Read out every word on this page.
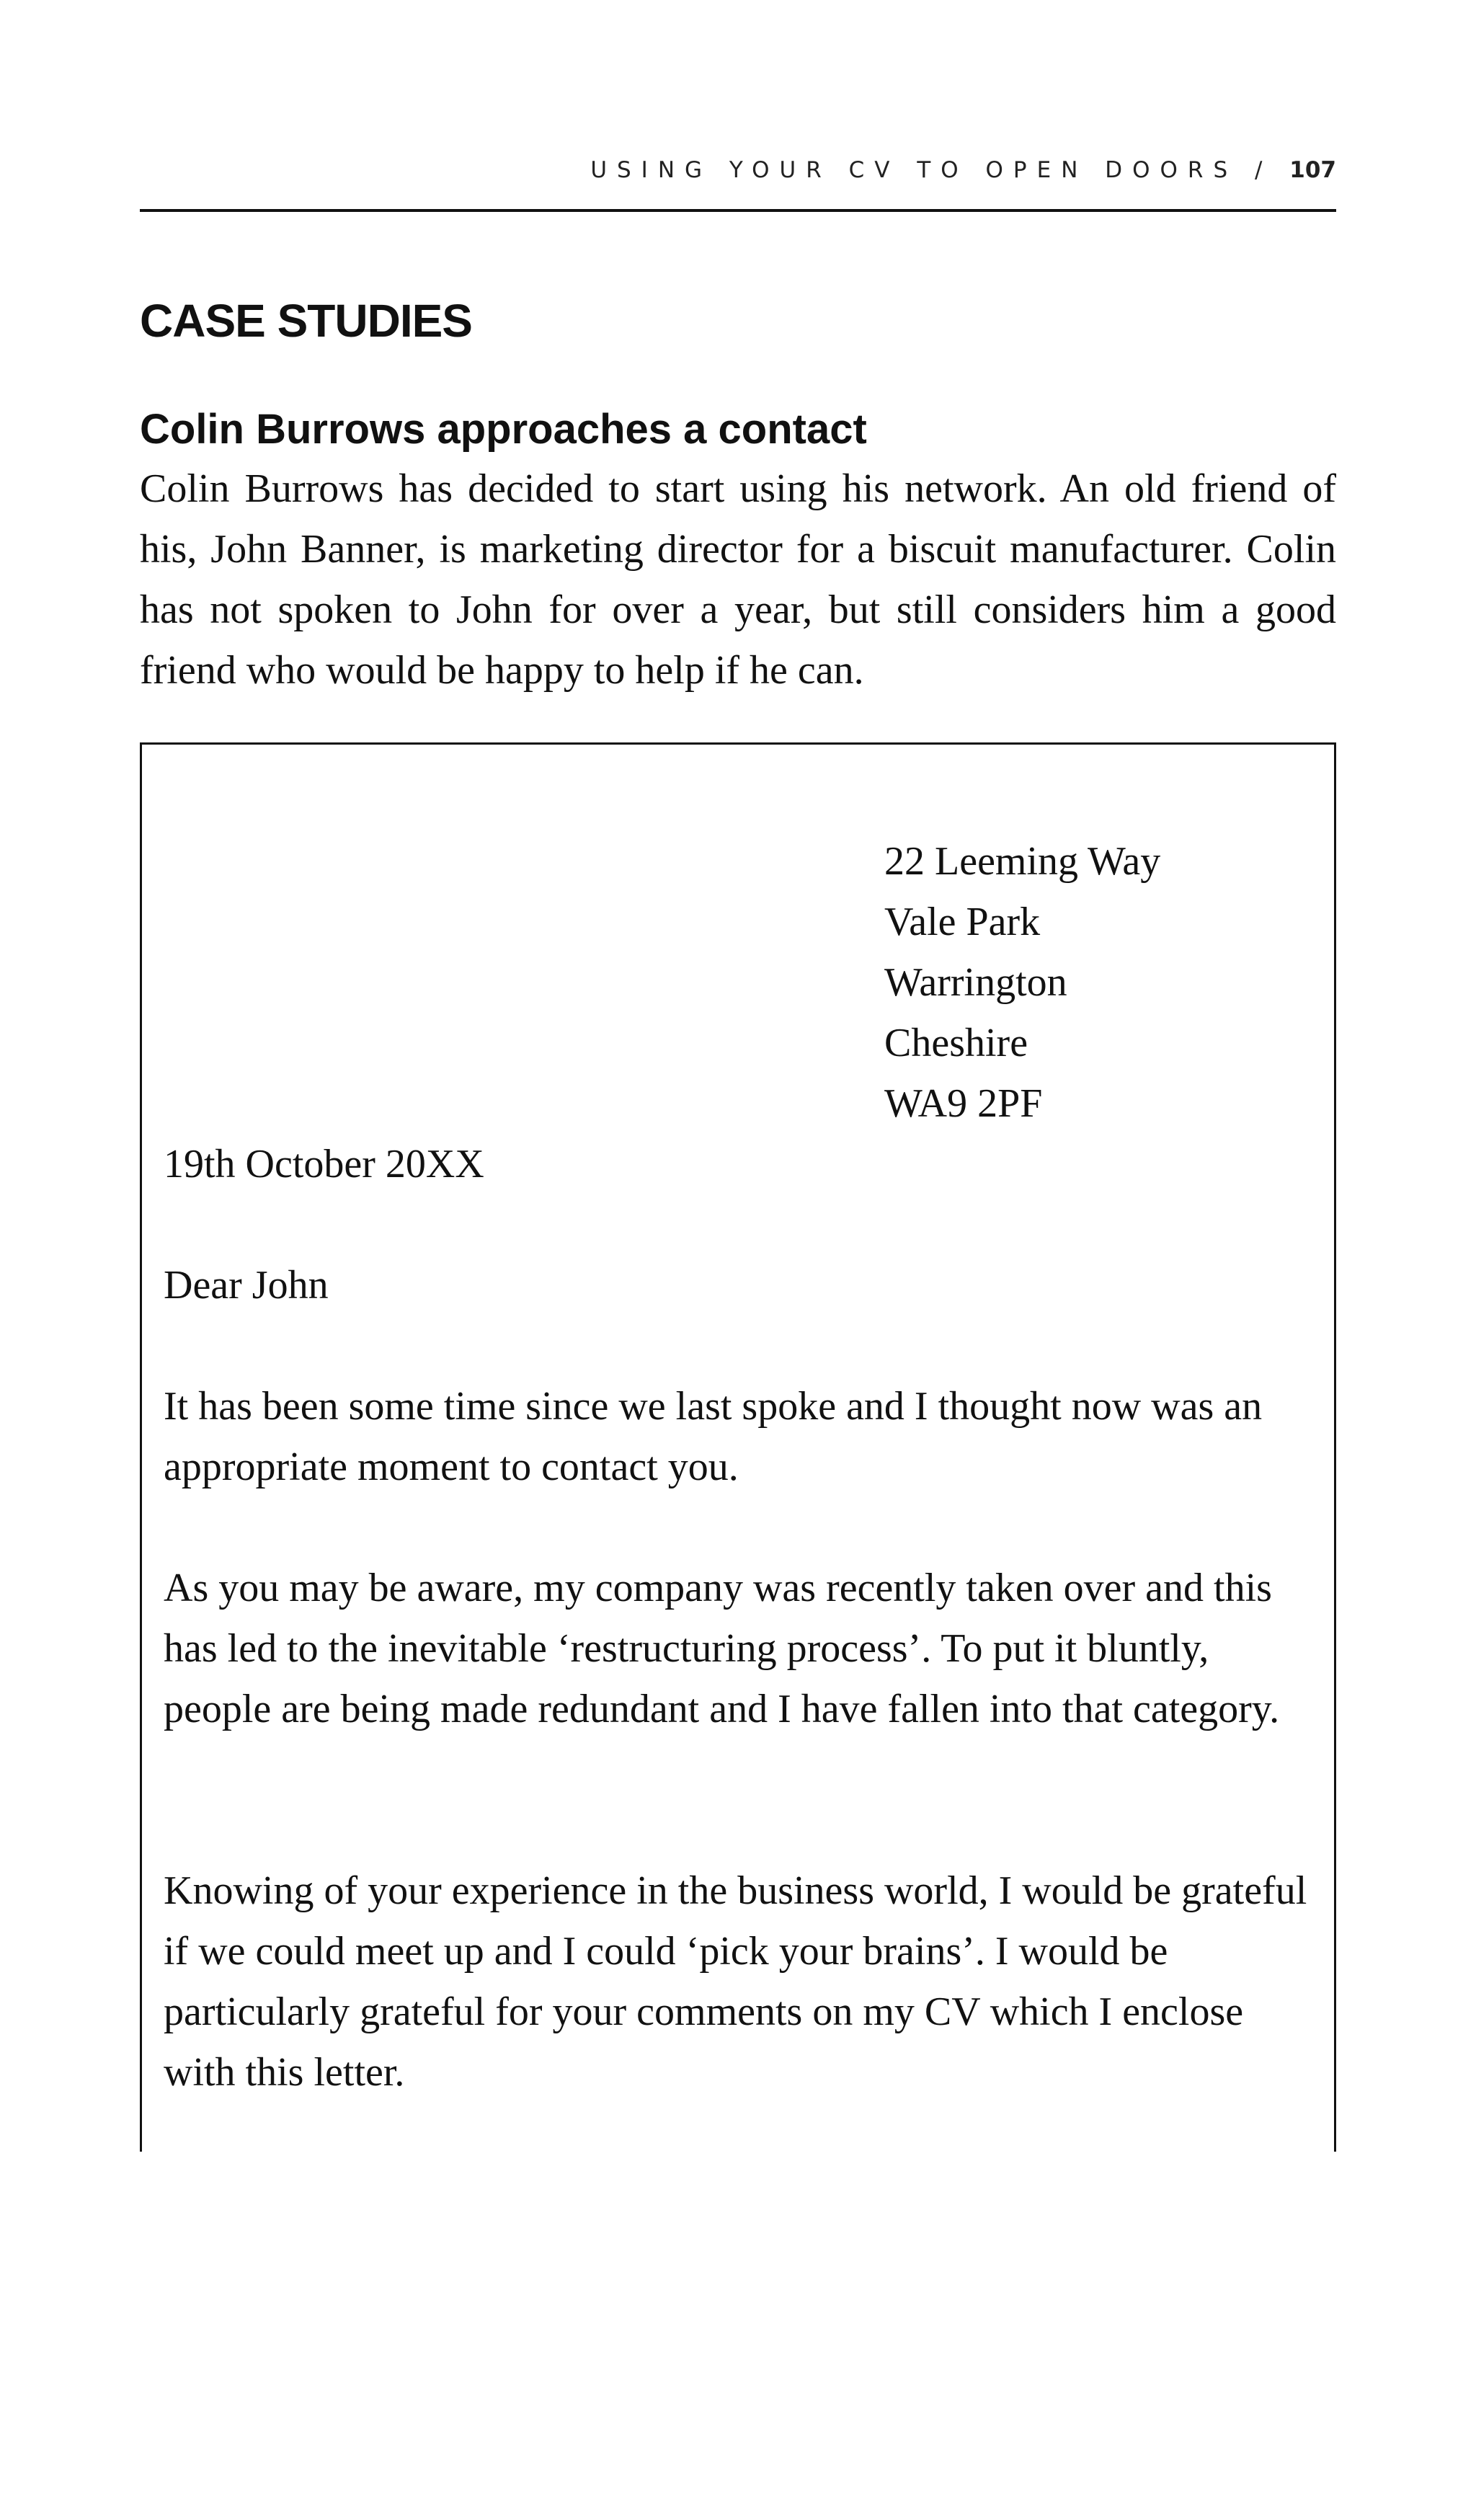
USING YOUR CV TO OPEN DOORS / 107
CASE STUDIES
Colin Burrows approaches a contact

Colin Burrows has decided to start using his network. An old friend of his, John Banner, is marketing director for a biscuit manufacturer. Colin has not spoken to John for over a year, but still considers him a good friend who would be happy to help if he can.

22 Leeming Way
Vale Park
Warrington
Cheshire
WA9 2PF

19th October 20XX

Dear John

It has been some time since we last spoke and I thought now was an appropriate moment to contact you.

As you may be aware, my company was recently taken over and this has led to the inevitable ‘restructuring process’. To put it bluntly, people are being made redundant and I have fallen into that category.

Knowing of your experience in the business world, I would be grateful if we could meet up and I could ‘pick your brains’. I would be particularly grateful for your comments on my CV which I enclose with this letter.
